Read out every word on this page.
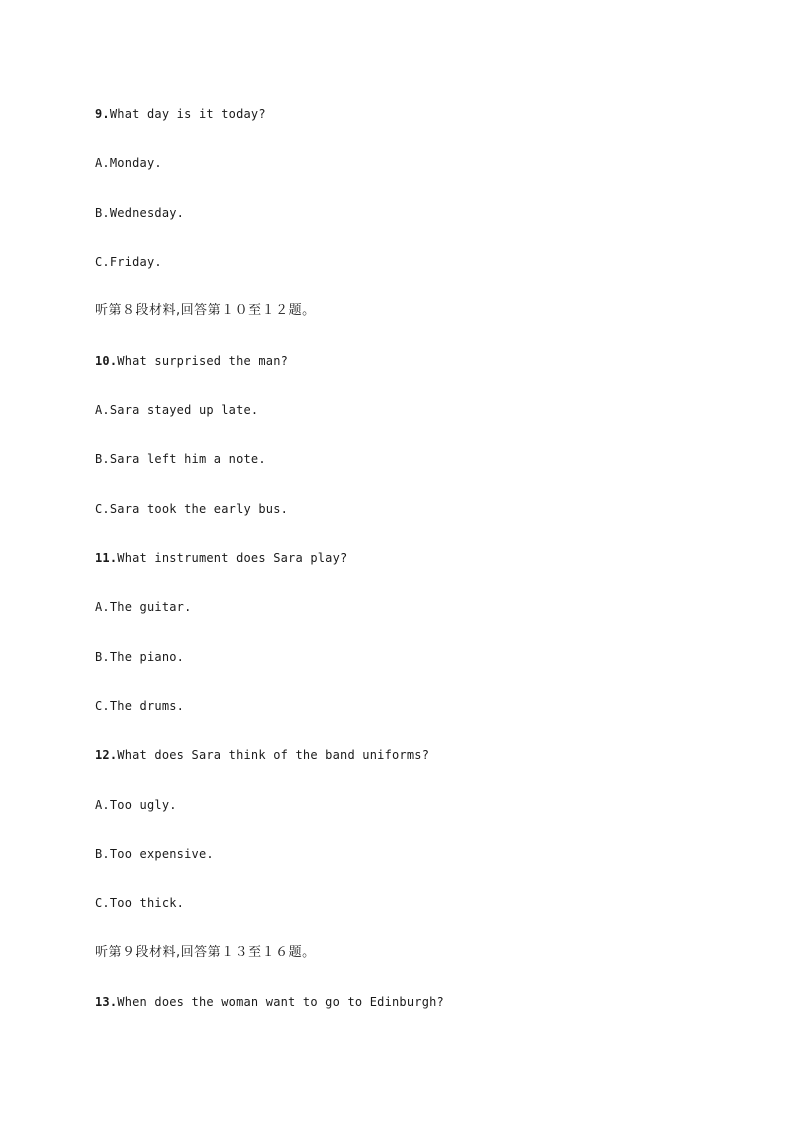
9.What day is it today?
A.Monday.
B.Wednesday.
C.Friday.
听第８段材料,回答第１０至１２题。
10.What surprised the man?
A.Sara stayed up late.
B.Sara left him a note.
C.Sara took the early bus.
11.What instrument does Sara play?
A.The guitar.
B.The piano.
C.The drums.
12.What does Sara think of the band uniforms?
A.Too ugly.
B.Too expensive.
C.Too thick.
听第９段材料,回答第１３至１６题。
13.When does the woman want to go to Edinburgh?
